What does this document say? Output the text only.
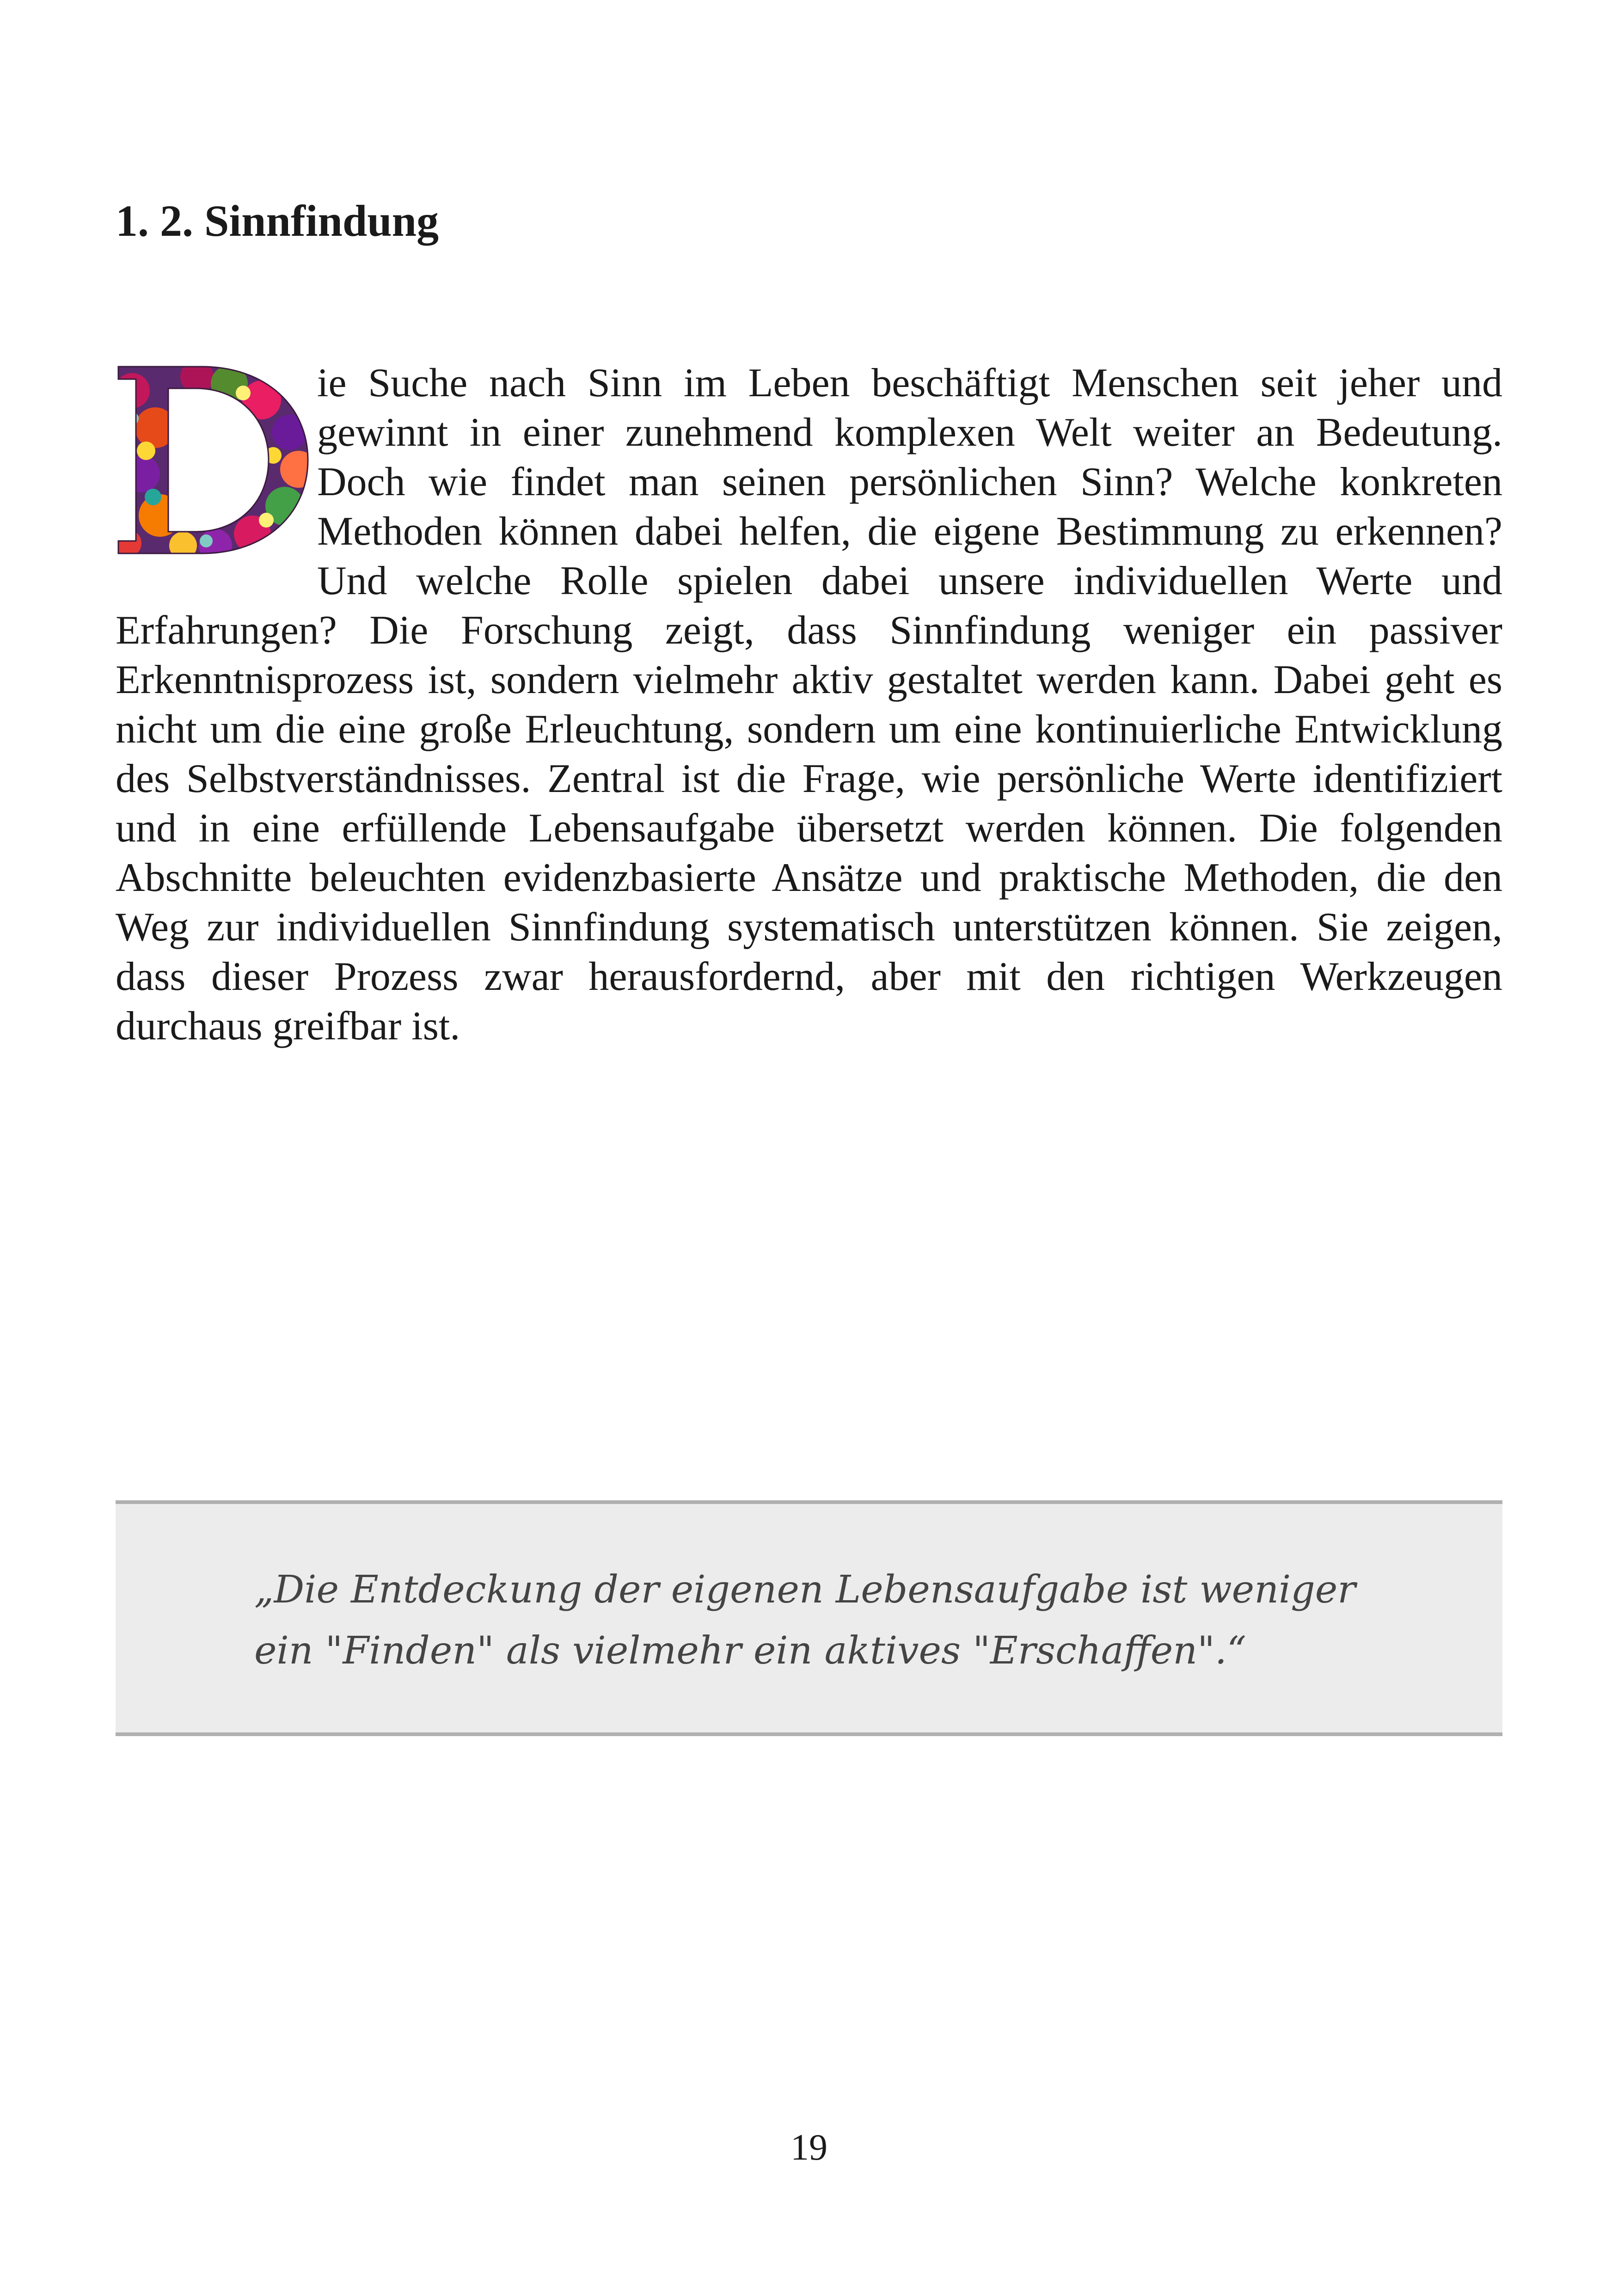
1. 2. Sinnfindung

ie Suche nach Sinn im Leben beschäftigt Menschen seit jeher und gewinnt in einer zunehmend komplexen Welt weiter an Bedeutung. Doch wie findet man seinen persönlichen Sinn? Welche konkreten Methoden können dabei helfen, die eigene Bestimmung zu erkennen? Und welche Rolle spielen dabei unsere individuellen Werte und Erfahrungen? Die Forschung zeigt, dass Sinnfindung weniger ein passiver Erkenntnisprozess ist, sondern vielmehr aktiv gestaltet werden kann. Dabei geht es nicht um die eine große Erleuchtung, sondern um eine kontinuierliche Entwicklung des Selbstverständnisses. Zentral ist die Frage, wie persönliche Werte identifiziert und in eine erfüllende Lebensaufgabe übersetzt werden können. Die folgenden Abschnitte beleuchten evidenzbasierte Ansätze und praktische Methoden, die den Weg zur individuellen Sinnfindung systematisch unterstützen können. Sie zeigen, dass dieser Prozess zwar herausfordernd, aber mit den richtigen Werkzeugen durchaus greifbar ist.

„Die Entdeckung der eigenen Lebensaufgabe ist weniger ein "Finden" als vielmehr ein aktives "Erschaffen".“

19
